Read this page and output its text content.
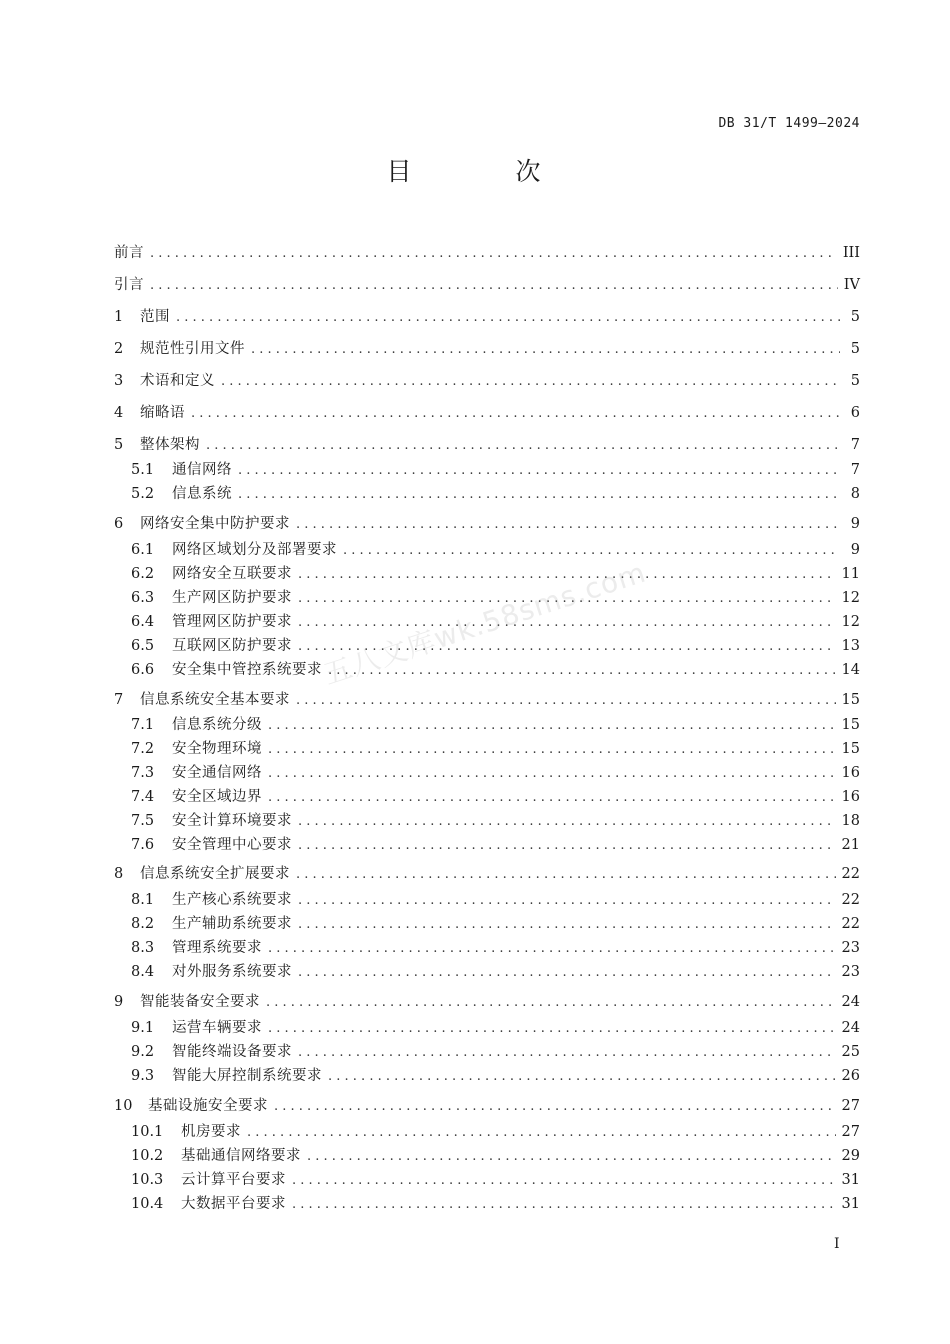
DB 31/T 1499—2024
目 次
前言 . . .	III
引言 . . .	IV
1	范围 . . .	5
2	规范性引用文件 . . .	5
3	术语和定义 . . .	5
4	缩略语 . . .	6
5	整体架构 . . .	7
5.1	通信网络 . . .	7
5.2	信息系统 . . .	8
6	网络安全集中防护要求 . . .	9
6.1	网络区域划分及部署要求 . . .	9
6.2	网络安全互联要求 . . .	11
6.3	生产网区防护要求 . . .	12
6.4	管理网区防护要求 . . .	12
6.5	互联网区防护要求 . . .	13
6.6	安全集中管控系统要求 . . .	14
7	信息系统安全基本要求 . . .	15
7.1	信息系统分级 . . .	15
7.2	安全物理环境 . . .	15
7.3	安全通信网络 . . .	16
7.4	安全区域边界 . . .	16
7.5	安全计算环境要求 . . .	18
7.6	安全管理中心要求 . . .	21
8	信息系统安全扩展要求 . . .	22
8.1	生产核心系统要求 . . .	22
8.2	生产辅助系统要求 . . .	22
8.3	管理系统要求 . . .	23
8.4	对外服务系统要求 . . .	23
9	智能装备安全要求 . . .	24
9.1	运营车辆要求 . . .	24
9.2	智能终端设备要求 . . .	25
9.3	智能大屏控制系统要求 . . .	26
10	基础设施安全要求 . . .	27
10.1	机房要求 . . .	27
10.2	基础通信网络要求 . . .	29
10.3	云计算平台要求 . . .	31
10.4	大数据平台要求 . . .	31
五八文库wk.58sms.com
I
